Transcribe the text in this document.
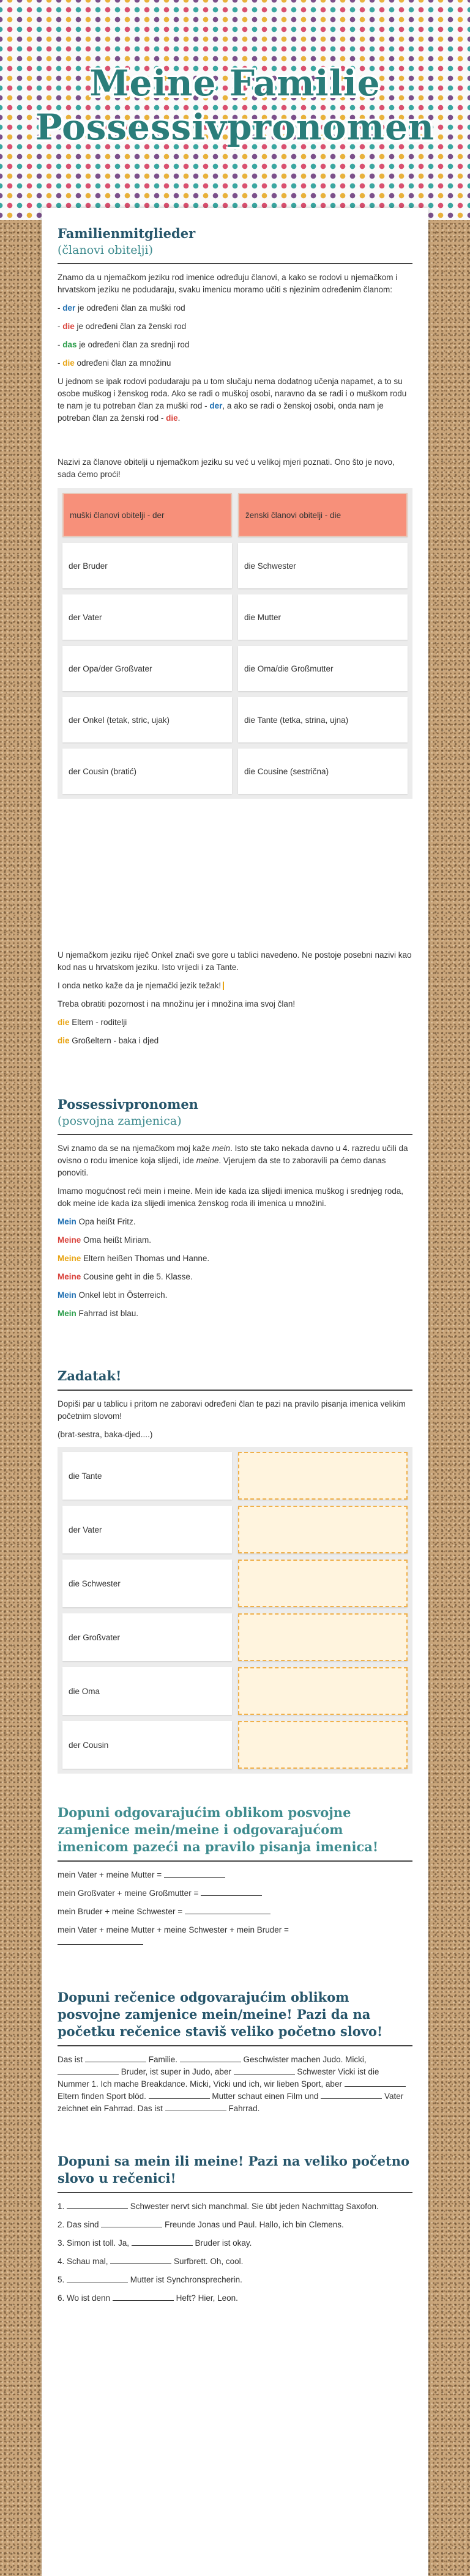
Meine Familie
Possessivpronomen
Familienmitglieder
(članovi obitelji)

Znamo da u njemačkom jeziku rod imenice određuju članovi, a kako se rodovi u njemačkom i hrvatskom jeziku ne podudaraju, svaku imenicu moramo učiti s njezinim određenim članom:

- der je određeni član za muški rod

- die je određeni član za ženski rod

- das je određeni član za srednji rod

- die određeni član za množinu

U jednom se ipak rodovi podudaraju pa u tom slučaju nema dodatnog učenja napamet, a to su osobe muškog i ženskog roda. Ako se radi o muškoj osobi, naravno da se radi i o muškom rodu te nam je tu potreban član za muški rod - der, a ako se radi o ženskoj osobi, onda nam je potreban član za ženski rod - die.

Nazivi za članove obitelji u njemačkom jeziku su već u velikoj mjeri poznati. Ono što je novo, sada ćemo proći!

muški članovi obitelji - der	ženski članovi obitelji - die
der Bruder	die Schwester
der Vater	die Mutter
der Opa/der Großvater	die Oma/die Großmutter
der Onkel (tetak, stric, ujak)	die Tante (tetka, strina, ujna)
der Cousin (bratić)	die Cousine (sestrična)

U njemačkom jeziku riječ Onkel znači sve gore u tablici navedeno. Ne postoje posebni nazivi kao kod nas u hrvatskom jeziku. Isto vrijedi i za Tante.

I onda netko kaže da je njemački jezik težak!

Treba obratiti pozornost i na množinu jer i množina ima svoj član!

die Eltern - roditelji

die Großeltern - baka i djed

Possessivpronomen
(posvojna zamjenica)

Svi znamo da se na njemačkom moj kaže mein. Isto ste tako nekada davno u 4. razredu učili da ovisno o rodu imenice koja slijedi, ide meine. Vjerujem da ste to zaboravili pa ćemo danas ponoviti.

Imamo mogućnost reći mein i meine. Mein ide kada iza slijedi imenica muškog i srednjeg roda, dok meine ide kada iza slijedi imenica ženskog roda ili imenica u množini.

Mein Opa heißt Fritz.

Meine Oma heißt Miriam.

Meine Eltern heißen Thomas und Hanne.

Meine Cousine geht in die 5. Klasse.

Mein Onkel lebt in Österreich.

Mein Fahrrad ist blau.

Zadatak!

Dopiši par u tablicu i pritom ne zaboravi određeni član te pazi na pravilo pisanja imenica velikim početnim slovom!

(brat-sestra, baka-djed....)

die Tante
der Vater
die Schwester
der Großvater
die Oma
der Cousin
Dopuni odgovarajućim oblikom posvojne zamjenice mein/meine i odgovarajućom imenicom pazeći na pravilo pisanja imenica!

mein Vater + meine Mutter =

mein Großvater + meine Großmutter =

mein Bruder + meine Schwester =

mein Vater + meine Mutter + meine Schwester + mein Bruder =

Dopuni rečenice odgovarajućim oblikom posvojne zamjenice mein/meine! Pazi da na početku rečenice staviš veliko početno slovo!

Das ist	Familie.	Geschwister machen Judo. Micki,  Bruder, ist super in Judo, aber	Schwester Vicki ist die Nummer 1. Ich mache Breakdance. Micki, Vicki und ich, wir lieben Sport, aber  Eltern finden Sport blöd.	Mutter schaut einen Film und	Vater zeichnet ein Fahrrad. Das ist	Fahrrad.

Dopuni sa mein ili meine! Pazi na veliko početno slovo u rečenici!

1.	Schwester nervt sich manchmal. Sie übt jeden Nachmittag Saxofon.

2. Das sind	Freunde Jonas und Paul. Hallo, ich bin Clemens.

3. Simon ist toll. Ja,	Bruder ist okay.

4. Schau mal,	Surfbrett. Oh, cool.

5.	Mutter ist Synchronsprecherin.

6. Wo ist denn	Heft? Hier, Leon.
